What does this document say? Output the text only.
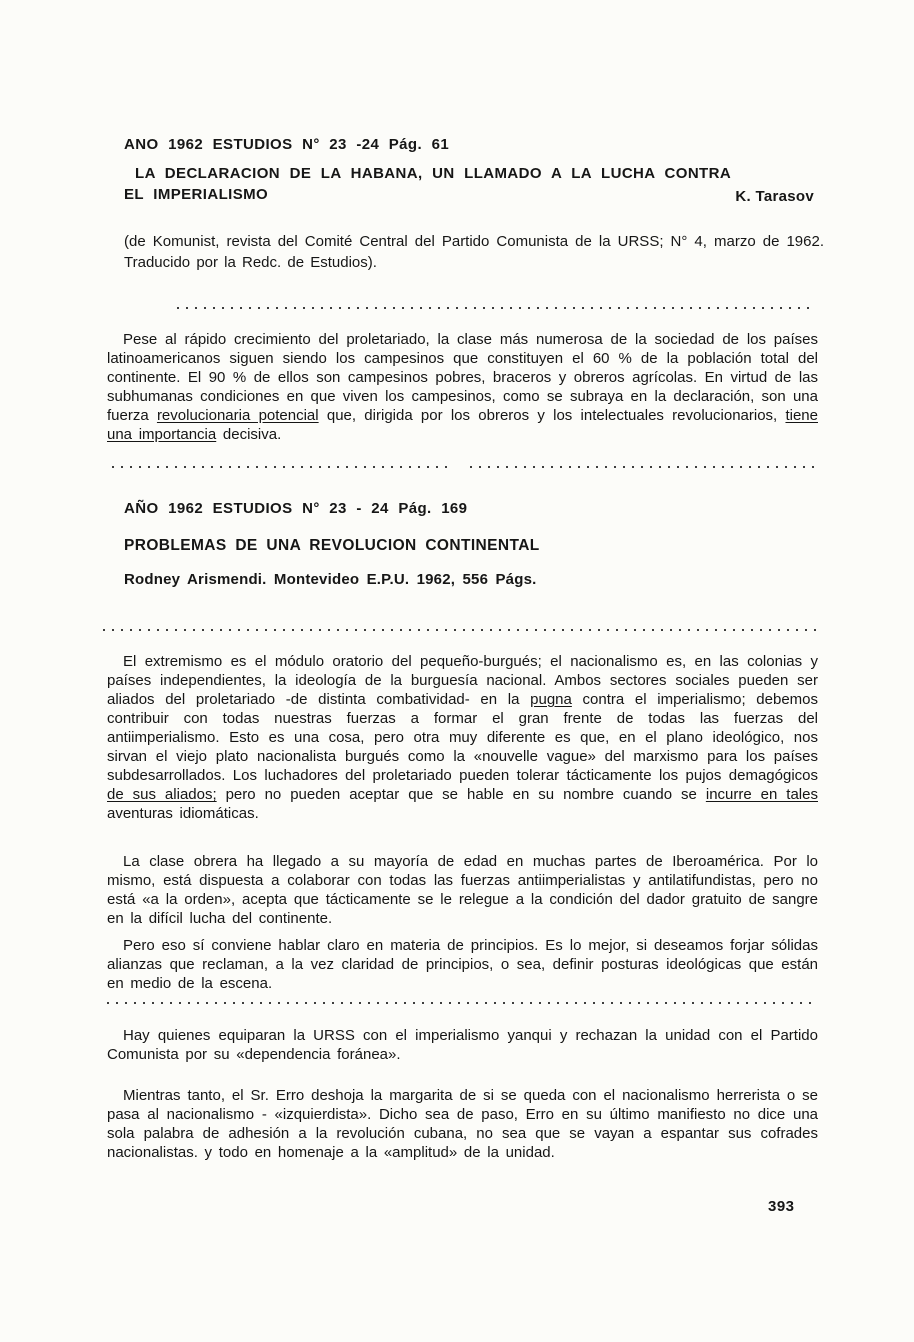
ANO 1962 ESTUDIOS N° 23 -24 Pág. 61
LA DECLARACION DE LA HABANA, UN LLAMADO A LA LUCHA CONTRA
EL IMPERIALISMO	K. Tarasov
(de Komunist, revista del Comité Central del Partido Comunista de la URSS; N° 4, marzo de 1962. Traducido por la Redc. de Estudios).

Pese al rápido crecimiento del proletariado, la clase más numerosa de la sociedad de los países latinoamericanos siguen siendo los campesinos que constituyen el 60 % de la población total del continente. El 90 % de ellos son campesinos pobres, braceros y obreros agrícolas. En virtud de las subhumanas condiciones en que viven los campesinos, como se subraya en la declaración, son una fuerza revolucionaria potencial que, dirigida por los obreros y los intelectuales revolucionarios, tiene una importancia decisiva.

AÑO 1962 ESTUDIOS N° 23 - 24 Pág. 169
PROBLEMAS DE UNA REVOLUCION CONTINENTAL
Rodney Arismendi. Montevideo E.P.U. 1962, 556 Págs.

El extremismo es el módulo oratorio del pequeño-burgués; el nacionalismo es, en las colonias y países independientes, la ideología de la burguesía nacional. Ambos sectores sociales pueden ser aliados del proletariado -de distinta combatividad- en la pugna contra el imperialismo; debemos contribuir con todas nuestras fuerzas a formar el gran frente de todas las fuerzas del antiimperialismo. Esto es una cosa, pero otra muy diferente es que, en el plano ideológico, nos sirvan el viejo plato nacionalista burgués como la «nouvelle vague» del marxismo para los países subdesarrollados. Los luchadores del proletariado pueden tolerar tácticamente los pujos demagógicos de sus aliados; pero no pueden aceptar que se hable en su nombre cuando se incurre en tales aventuras idiomáticas.

La clase obrera ha llegado a su mayoría de edad en muchas partes de Iberoamérica. Por lo mismo, está dispuesta a colaborar con todas las fuerzas antiimperialistas y antilatifundistas, pero no está «a la orden», acepta que tácticamente se le relegue a la condición del dador gratuito de sangre en la difícil lucha del continente.

Pero eso sí conviene hablar claro en materia de principios. Es lo mejor, si deseamos forjar sólidas alianzas que reclaman, a la vez claridad de principios, o sea, definir posturas ideológicas que están en medio de la escena.

Hay quienes equiparan la URSS con el imperialismo yanqui y rechazan la unidad con el Partido Comunista por su «dependencia foránea».

Mientras tanto, el Sr. Erro deshoja la margarita de si se queda con el nacionalismo herrerista o se pasa al nacionalismo - «izquierdista». Dicho sea de paso, Erro en su último manifiesto no dice una sola palabra de adhesión a la revolución cubana, no sea que se vayan a espantar sus cofrades nacionalistas. y todo en homenaje a la «amplitud» de la unidad.

393
